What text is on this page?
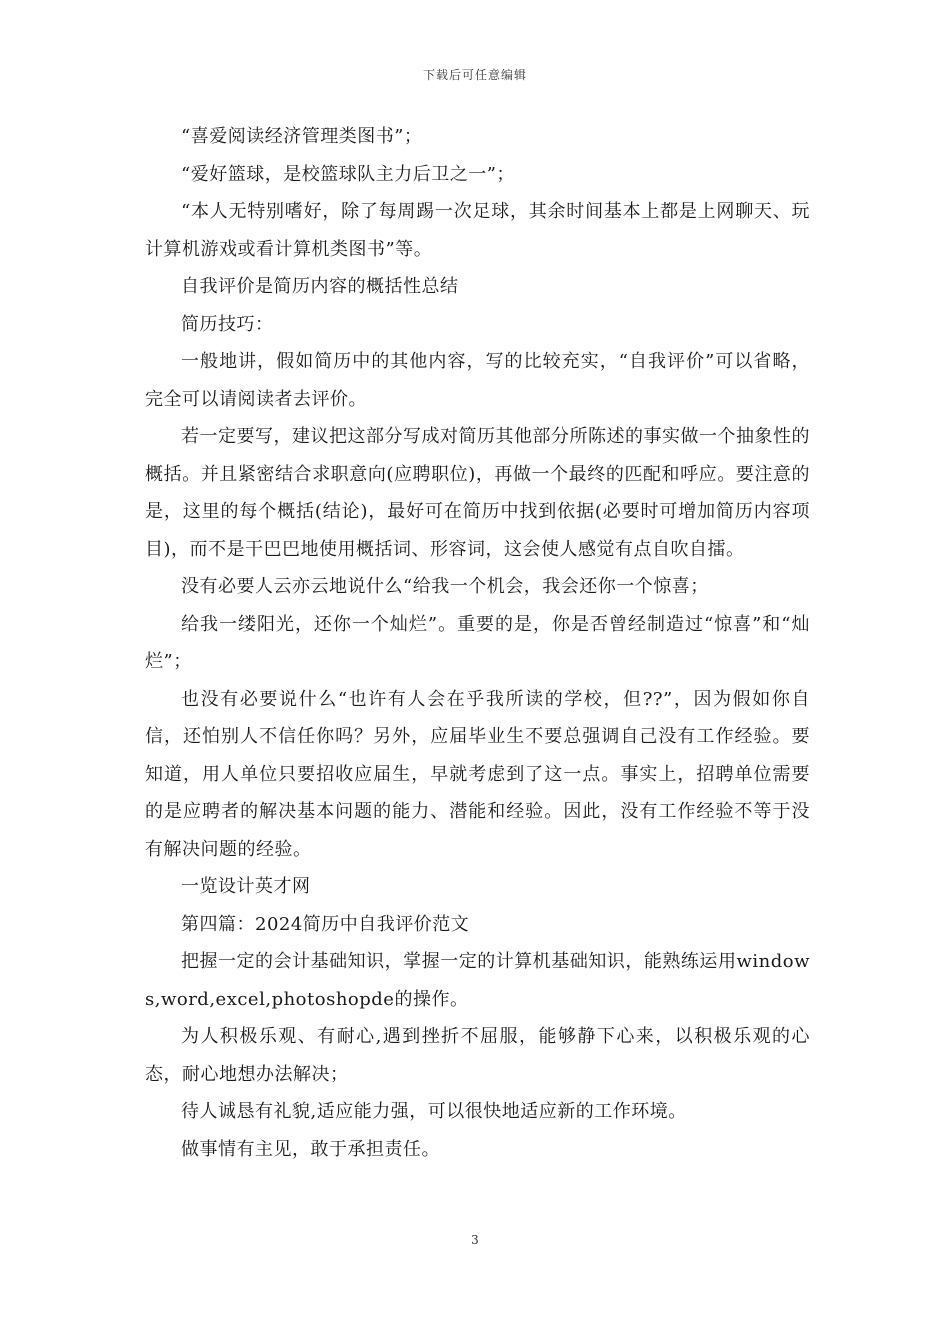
下载后可任意编辑

“喜爱阅读经济管理类图书”；

“爱好篮球，是校篮球队主力后卫之一”；

“本人无特别嗜好，除了每周踢一次足球，其余时间基本上都是上网聊天、玩计算机游戏或看计算机类图书”等。

自我评价是简历内容的概括性总结

简历技巧：

一般地讲，假如简历中的其他内容，写的比较充实，“自我评价”可以省略，完全可以请阅读者去评价。

若一定要写，建议把这部分写成对简历其他部分所陈述的事实做一个抽象性的概括。并且紧密结合求职意向(应聘职位)，再做一个最终的匹配和呼应。要注意的是，这里的每个概括(结论)，最好可在简历中找到依据(必要时可增加简历内容项目)，而不是干巴巴地使用概括词、形容词，这会使人感觉有点自吹自擂。

没有必要人云亦云地说什么“给我一个机会，我会还你一个惊喜；

给我一缕阳光，还你一个灿烂”。重要的是，你是否曾经制造过“惊喜”和“灿烂”；

也没有必要说什么“也许有人会在乎我所读的学校，但??”，因为假如你自信，还怕别人不信任你吗？另外，应届毕业生不要总强调自己没有工作经验。要知道，用人单位只要招收应届生，早就考虑到了这一点。事实上，招聘单位需要的是应聘者的解决基本问题的能力、潜能和经验。因此，没有工作经验不等于没有解决问题的经验。

一览设计英才网

第四篇：2024简历中自我评价范文

把握一定的会计基础知识，掌握一定的计算机基础知识，能熟练运用windows,word,excel,photoshopde的操作。

为人积极乐观、有耐心,遇到挫折不屈服，能够静下心来，以积极乐观的心态，耐心地想办法解决；

待人诚恳有礼貌,适应能力强，可以很快地适应新的工作环境。

做事情有主见，敢于承担责任。

3
